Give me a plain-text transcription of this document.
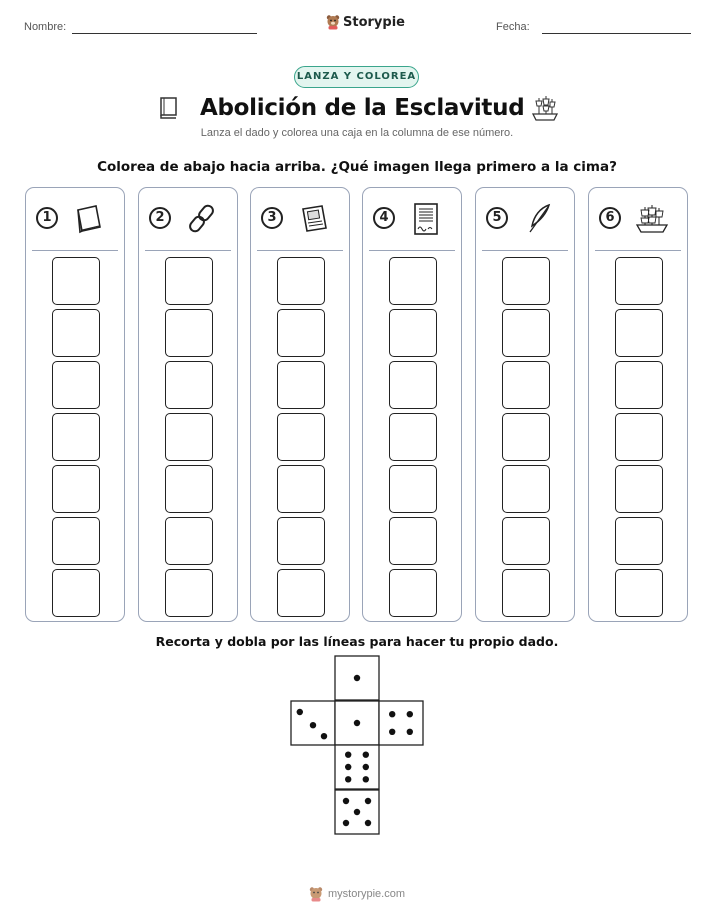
Nombre:	Fecha:
Storypie
LANZA Y COLOREA
Abolición de la Esclavitud
Lanza el dado y colorea una caja en la columna de ese número.
Colorea de abajo hacia arriba. ¿Qué imagen llega primero a la cima?
1	2	3	4	5	6
Recorta y dobla por las líneas para hacer tu propio dado.
mystorypie.com
